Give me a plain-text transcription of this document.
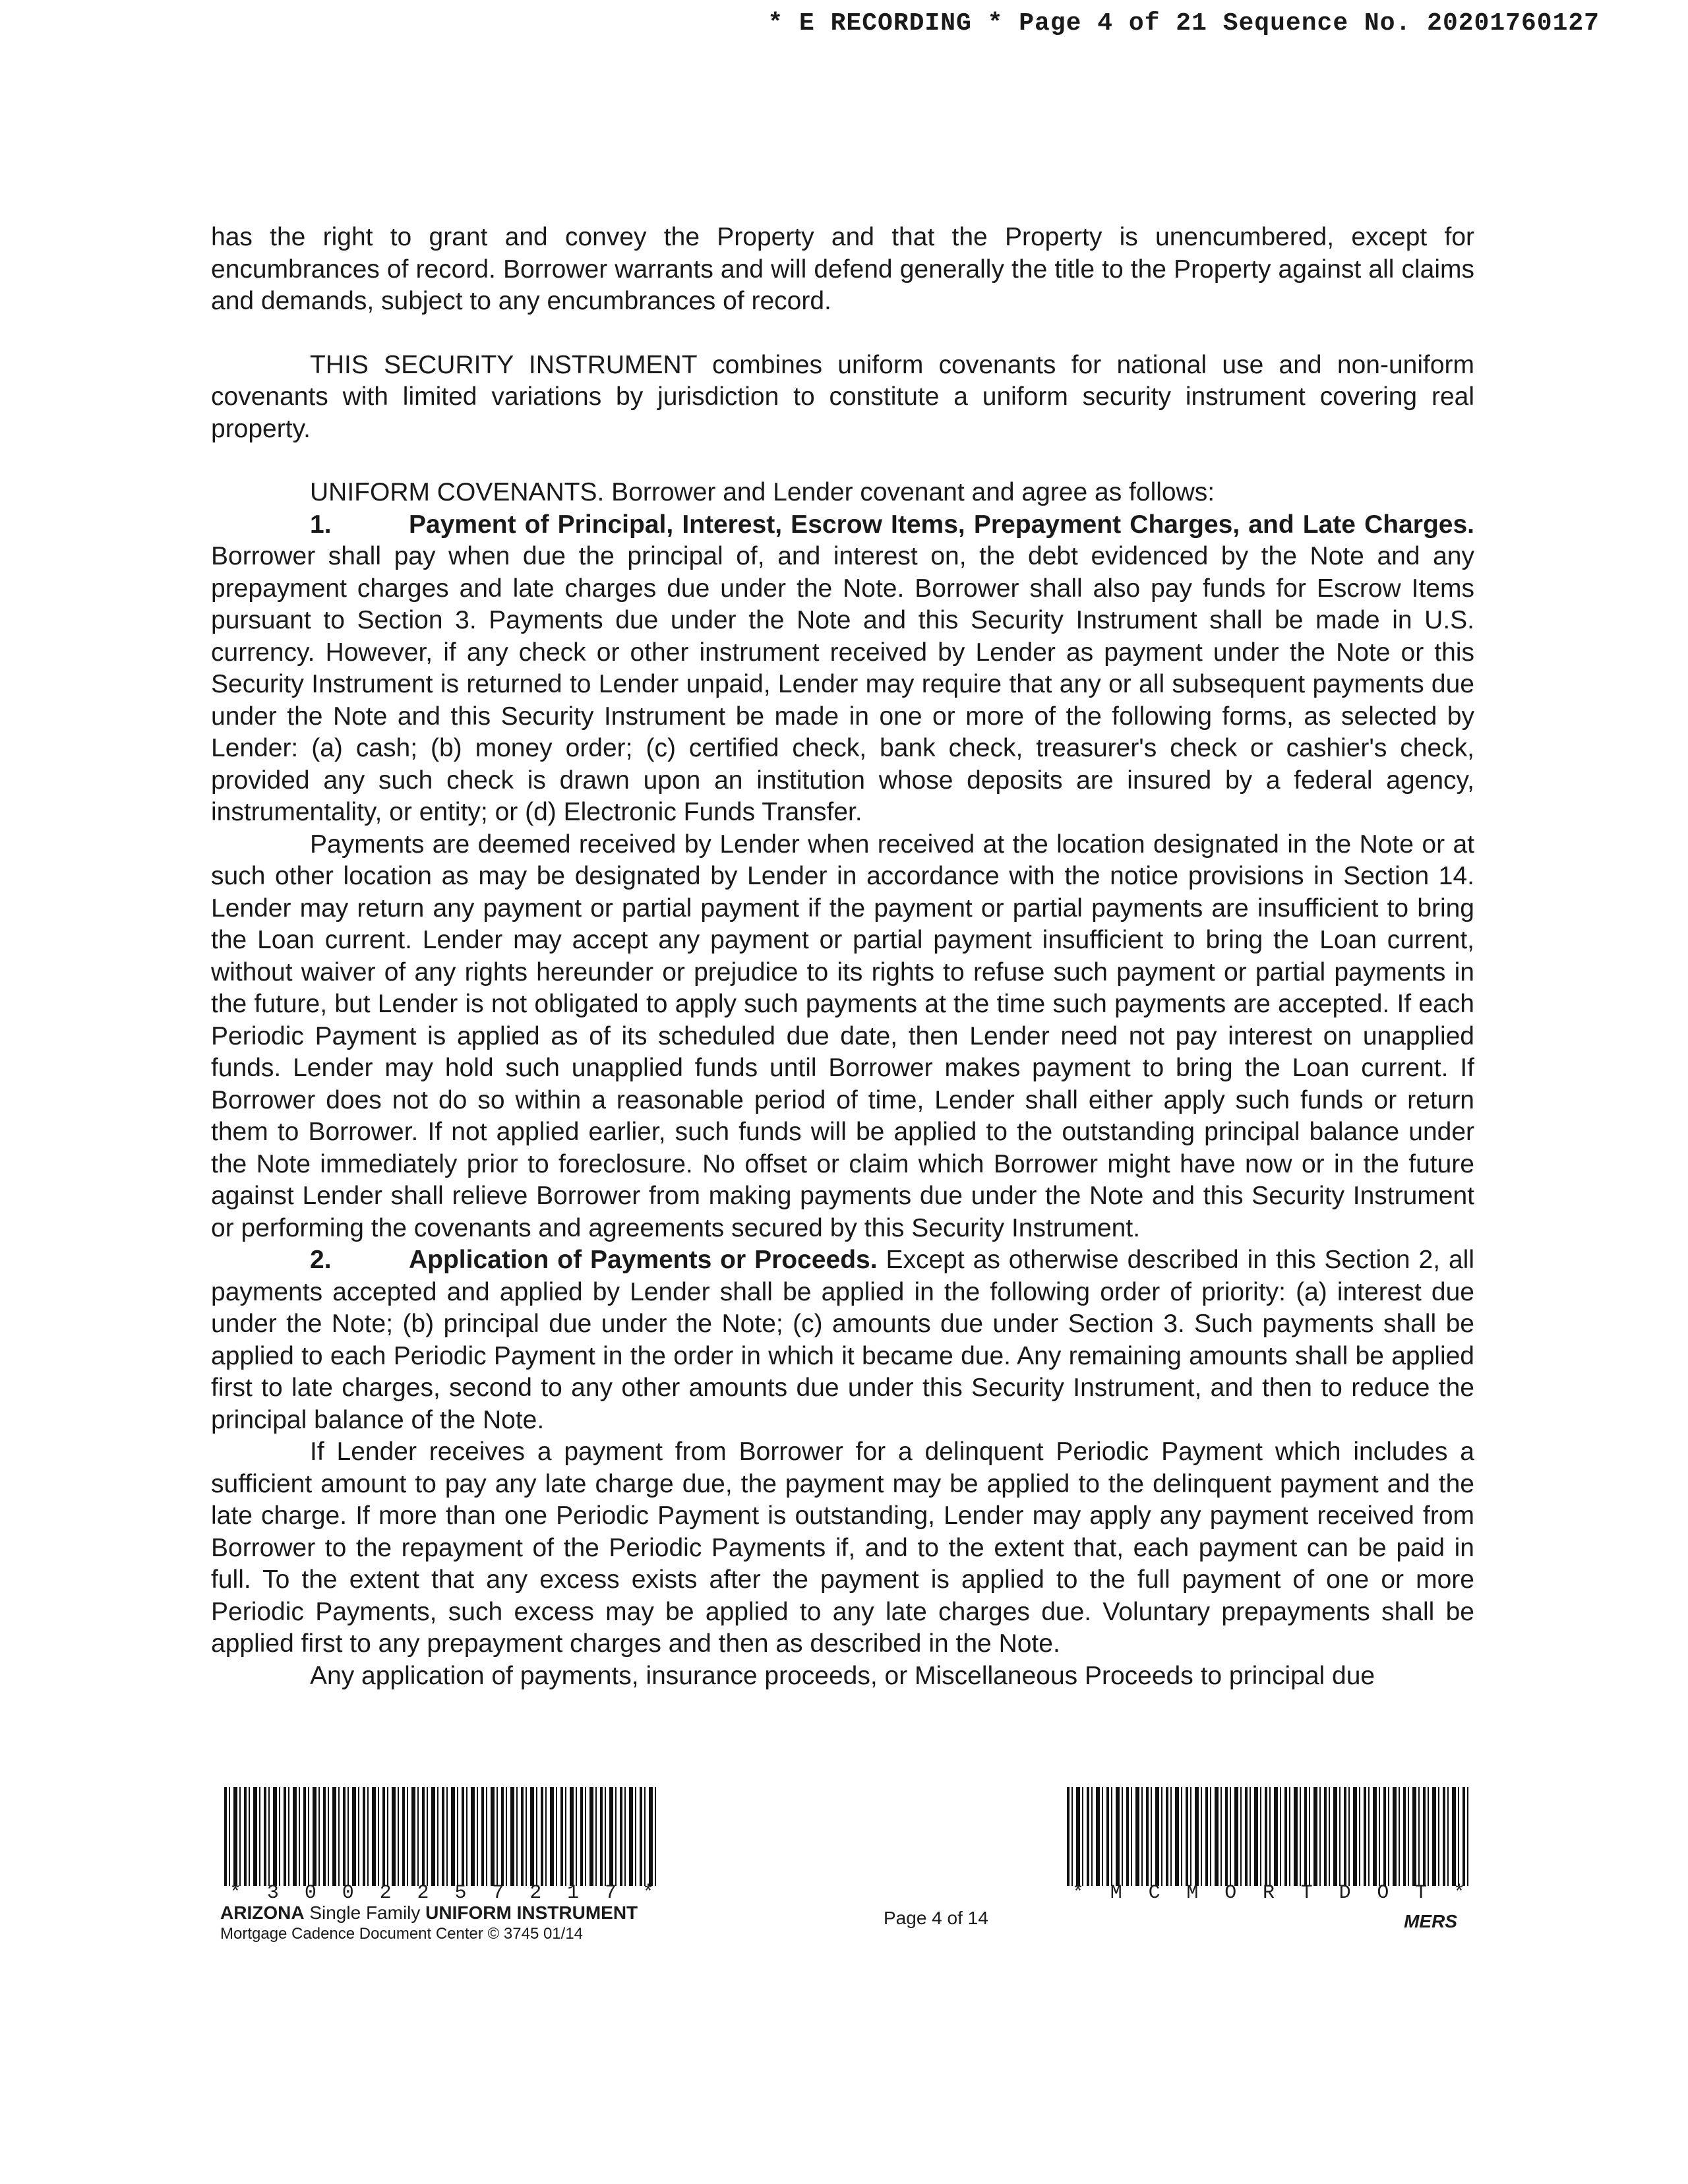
* E RECORDING * Page 4 of 21 Sequence No. 20201760127

has the right to grant and convey the Property and that the Property is unencumbered, except for encumbrances of record. Borrower warrants and will defend generally the title to the Property against all claims and demands, subject to any encumbrances of record.

THIS SECURITY INSTRUMENT combines uniform covenants for national use and non-uniform covenants with limited variations by jurisdiction to constitute a uniform security instrument covering real property.

UNIFORM COVENANTS. Borrower and Lender covenant and agree as follows:

1.	Payment of Principal, Interest, Escrow Items, Prepayment Charges, and Late Charges. Borrower shall pay when due the principal of, and interest on, the debt evidenced by the Note and any prepayment charges and late charges due under the Note. Borrower shall also pay funds for Escrow Items pursuant to Section 3. Payments due under the Note and this Security Instrument shall be made in U.S. currency. However, if any check or other instrument received by Lender as payment under the Note or this Security Instrument is returned to Lender unpaid, Lender may require that any or all subsequent payments due under the Note and this Security Instrument be made in one or more of the following forms, as selected by Lender: (a) cash; (b) money order; (c) certified check, bank check, treasurer's check or cashier's check, provided any such check is drawn upon an institution whose deposits are insured by a federal agency, instrumentality, or entity; or (d) Electronic Funds Transfer.

Payments are deemed received by Lender when received at the location designated in the Note or at such other location as may be designated by Lender in accordance with the notice provisions in Section 14. Lender may return any payment or partial payment if the payment or partial payments are insufficient to bring the Loan current. Lender may accept any payment or partial payment insufficient to bring the Loan current, without waiver of any rights hereunder or prejudice to its rights to refuse such payment or partial payments in the future, but Lender is not obligated to apply such payments at the time such payments are accepted. If each Periodic Payment is applied as of its scheduled due date, then Lender need not pay interest on unapplied funds. Lender may hold such unapplied funds until Borrower makes payment to bring the Loan current. If Borrower does not do so within a reasonable period of time, Lender shall either apply such funds or return them to Borrower. If not applied earlier, such funds will be applied to the outstanding principal balance under the Note immediately prior to foreclosure. No offset or claim which Borrower might have now or in the future against Lender shall relieve Borrower from making payments due under the Note and this Security Instrument or performing the covenants and agreements secured by this Security Instrument.

2.	Application of Payments or Proceeds. Except as otherwise described in this Section 2, all payments accepted and applied by Lender shall be applied in the following order of priority: (a) interest due under the Note; (b) principal due under the Note; (c) amounts due under Section 3. Such payments shall be applied to each Periodic Payment in the order in which it became due. Any remaining amounts shall be applied first to late charges, second to any other amounts due under this Security Instrument, and then to reduce the principal balance of the Note.

If Lender receives a payment from Borrower for a delinquent Periodic Payment which includes a sufficient amount to pay any late charge due, the payment may be applied to the delinquent payment and the late charge. If more than one Periodic Payment is outstanding, Lender may apply any payment received from Borrower to the repayment of the Periodic Payments if, and to the extent that, each payment can be paid in full. To the extent that any excess exists after the payment is applied to the full payment of one or more Periodic Payments, such excess may be applied to any late charges due. Voluntary prepayments shall be applied first to any prepayment charges and then as described in the Note.

Any application of payments, insurance proceeds, or Miscellaneous Proceeds to principal due

* 3 0 0 2 2 5 7 2 1 7 *
ARIZONA Single Family UNIFORM INSTRUMENT
Mortgage Cadence Document Center © 3745 01/14
Page 4 of 14
* M C M O R T D O T *
MERS
